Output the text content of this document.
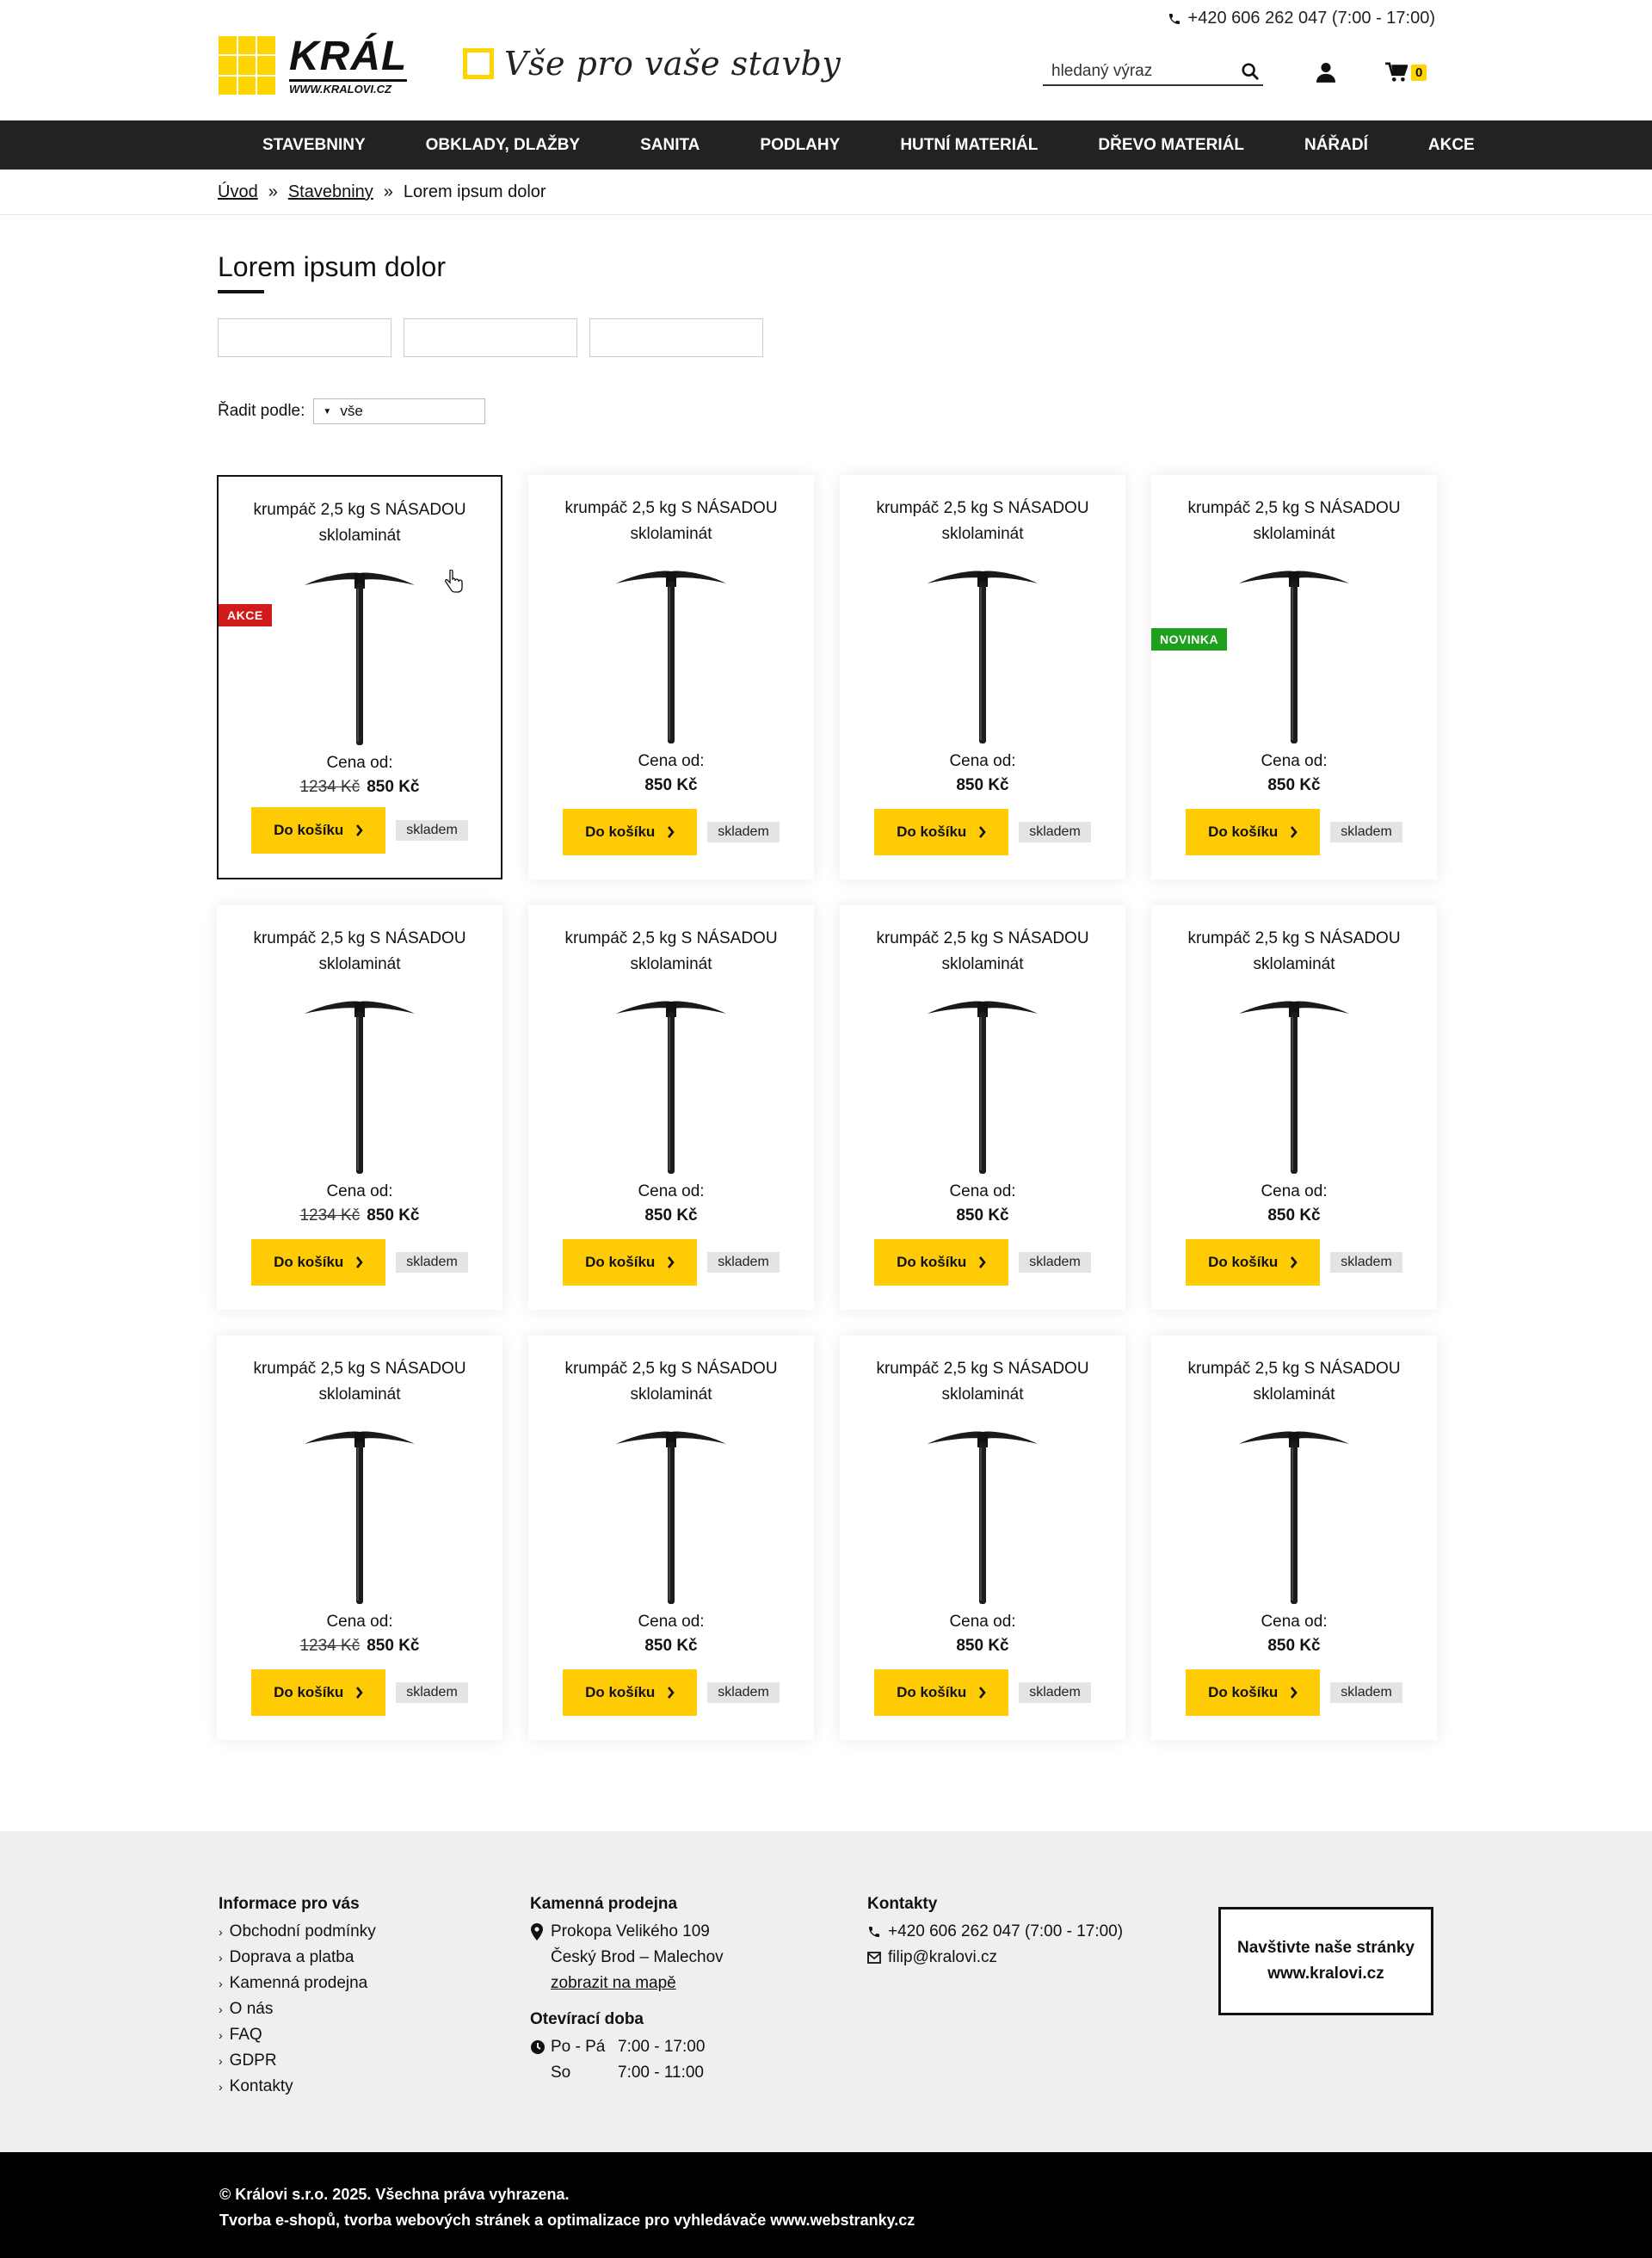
+420 606 262 047 (7:00 - 17:00)
KRÁL
WWW.KRALOVI.CZ
Vše pro vaše stavby
hledaný výraz	0
STAVEBNINY	OBKLADY, DLAŽBY	SANITA	PODLAHY	HUTNÍ MATERIÁL	DŘEVO MATERIÁL	NÁŘADÍ	AKCE
Úvod » Stavebniny » Lorem ipsum dolor
Lorem ipsum dolor
Řadit podle: ▼ vše
AKCE
krumpáč 2,5 kg S NÁSADOU sklolaminát
Cena od:
1234 Kč 850 Kč
Do košíku	skladem
krumpáč 2,5 kg S NÁSADOU sklolaminát
Cena od:
850 Kč
Do košíku	skladem
krumpáč 2,5 kg S NÁSADOU sklolaminát
Cena od:
850 Kč
Do košíku	skladem
NOVINKA
krumpáč 2,5 kg S NÁSADOU sklolaminát
Cena od:
850 Kč
Do košíku	skladem
krumpáč 2,5 kg S NÁSADOU sklolaminát
Cena od:
1234 Kč 850 Kč
Do košíku	skladem
krumpáč 2,5 kg S NÁSADOU sklolaminát
Cena od:
850 Kč
Do košíku	skladem
krumpáč 2,5 kg S NÁSADOU sklolaminát
Cena od:
850 Kč
Do košíku	skladem
krumpáč 2,5 kg S NÁSADOU sklolaminát
Cena od:
850 Kč
Do košíku	skladem
krumpáč 2,5 kg S NÁSADOU sklolaminát
Cena od:
1234 Kč 850 Kč
Do košíku	skladem
krumpáč 2,5 kg S NÁSADOU sklolaminát
Cena od:
850 Kč
Do košíku	skladem
krumpáč 2,5 kg S NÁSADOU sklolaminát
Cena od:
850 Kč
Do košíku	skladem
krumpáč 2,5 kg S NÁSADOU sklolaminát
Cena od:
850 Kč
Do košíku	skladem
Informace pro vás
› Obchodní podmínky
› Doprava a platba
› Kamenná prodejna
› O nás
› FAQ
› GDPR
› Kontakty
Kamenná prodejna
Prokopa Velikého 109
Český Brod – Malechov
zobrazit na mapě
Otevírací doba
Po - Pá 7:00 - 17:00
So	7:00 - 11:00
Kontakty
+420 606 262 047 (7:00 - 17:00)
filip@kralovi.cz
Navštivte naše stránky
www.kralovi.cz
© Královi s.r.o. 2025. Všechna práva vyhrazena.
Tvorba e-shopů, tvorba webových stránek a optimalizace pro vyhledávače www.webstranky.cz
